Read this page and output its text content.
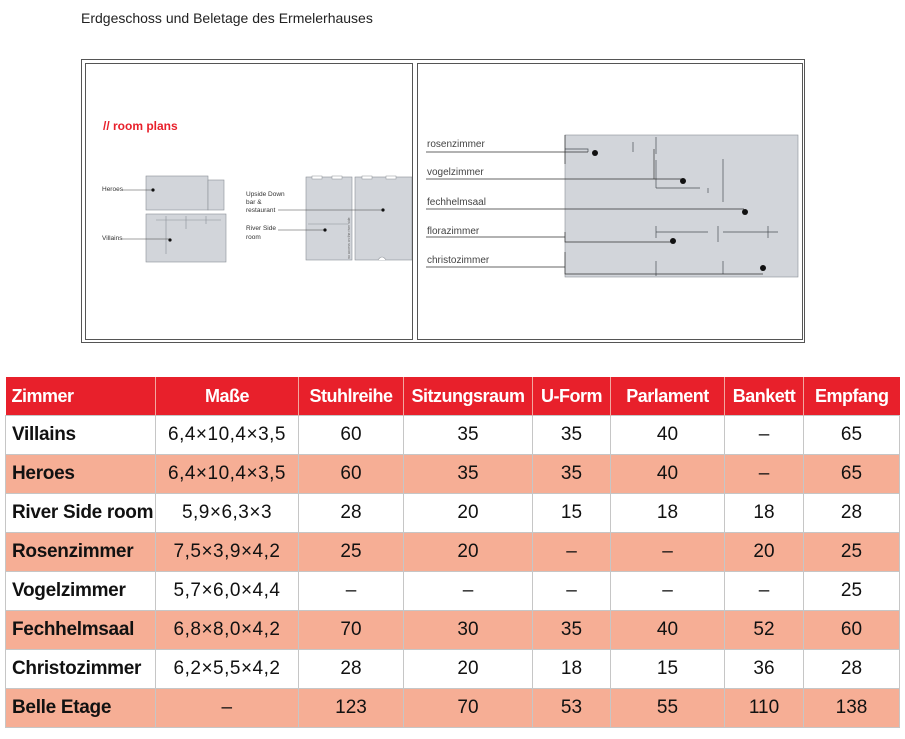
Erdgeschoss und Beletage des Ermelerhauses
// room plans
Heroes
Villains	no access on the river side
Upside Down bar & restaurant
River Side room
rosenzimmer
vogelzimmer
fechhelmsaal
florazimmer
christozimmer
Zimmer	Maße	Stuhlreihe	Sitzungsraum	U-Form	Parlament	Bankett	Empfang
Villains	6,4×10,4×3,5	60	35	35	40	–	65
Heroes	6,4×10,4×3,5	60	35	35	40	–	65
River Side room	5,9×6,3×3	28	20	15	18	18	28
Rosenzimmer	7,5×3,9×4,2	25	20	–	–	20	25
Vogelzimmer	5,7×6,0×4,4	–	–	–	–	–	25
Fechhelmsaal	6,8×8,0×4,2	70	30	35	40	52	60
Christozimmer	6,2×5,5×4,2	28	20	18	15	36	28
Belle Etage	–	123	70	53	55	110	138
